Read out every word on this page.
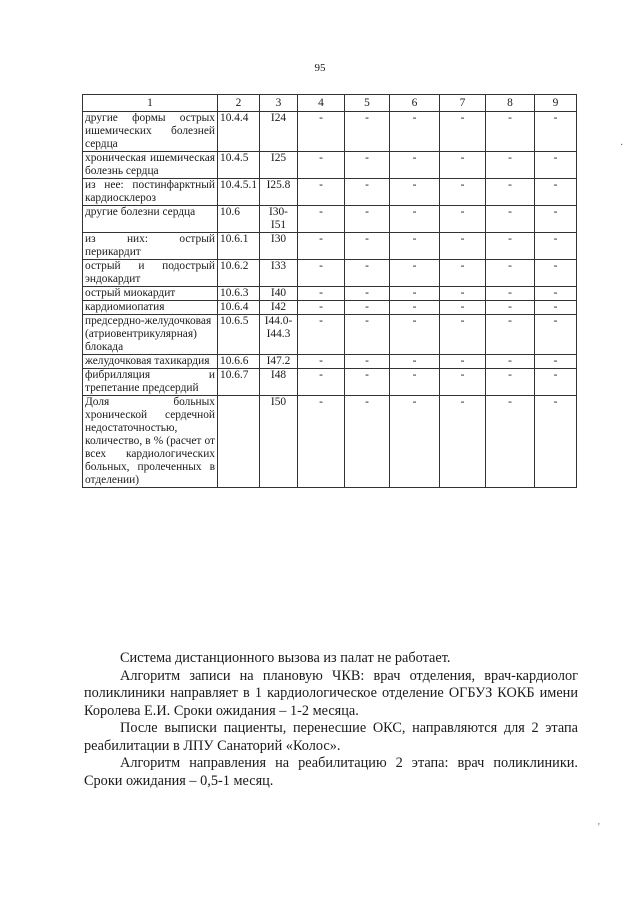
95
·
'
1	2	3	4	5	6	7	8	9
другие формы острых ишемических болезней сердца	10.4.4	I24	-	-	-	-	-	-
хроническая ишемическая болезнь сердца	10.4.5	I25	-	-	-	-	-	-
из нее: постинфарктный кардиосклероз	10.4.5.1	I25.8	-	-	-	-	-	-
другие болезни сердца	10.6	I30-I51	-	-	-	-	-	-
из них: острый перикардит	10.6.1	I30	-	-	-	-	-	-
острый и подострый эндокардит	10.6.2	I33	-	-	-	-	-	-
острый миокардит	10.6.3	I40	-	-	-	-	-	-
кардиомиопатия	10.6.4	I42	-	-	-	-	-	-
предсердно-желудочковая (атриовентрикулярная) блокада	10.6.5	I44.0-I44.3	-	-	-	-	-	-
желудочковая тахикардия	10.6.6	I47.2	-	-	-	-	-	-
фибрилляция и трепетание предсердий	10.6.7	I48	-	-	-	-	-	-
Доля больных хронической сердечной недостаточностью, количество, в % (расчет от всех кардиологических больных, пролеченных в отделении)		I50	-	-	-	-	-	-

Система дистанционного вызова из палат не работает.

Алгоритм записи на плановую ЧКВ: врач отделения, врач-кардиолог поликлиники направляет в 1 кардиологическое отделение ОГБУЗ КОКБ имени Королева Е.И. Сроки ожидания – 1-2 месяца.

После выписки пациенты, перенесшие ОКС, направляются для 2 этапа реабилитации в ЛПУ Санаторий «Колос».

Алгоритм направления на реабилитацию 2 этапа: врач поликлиники. Сроки ожидания – 0,5-1 месяц.
